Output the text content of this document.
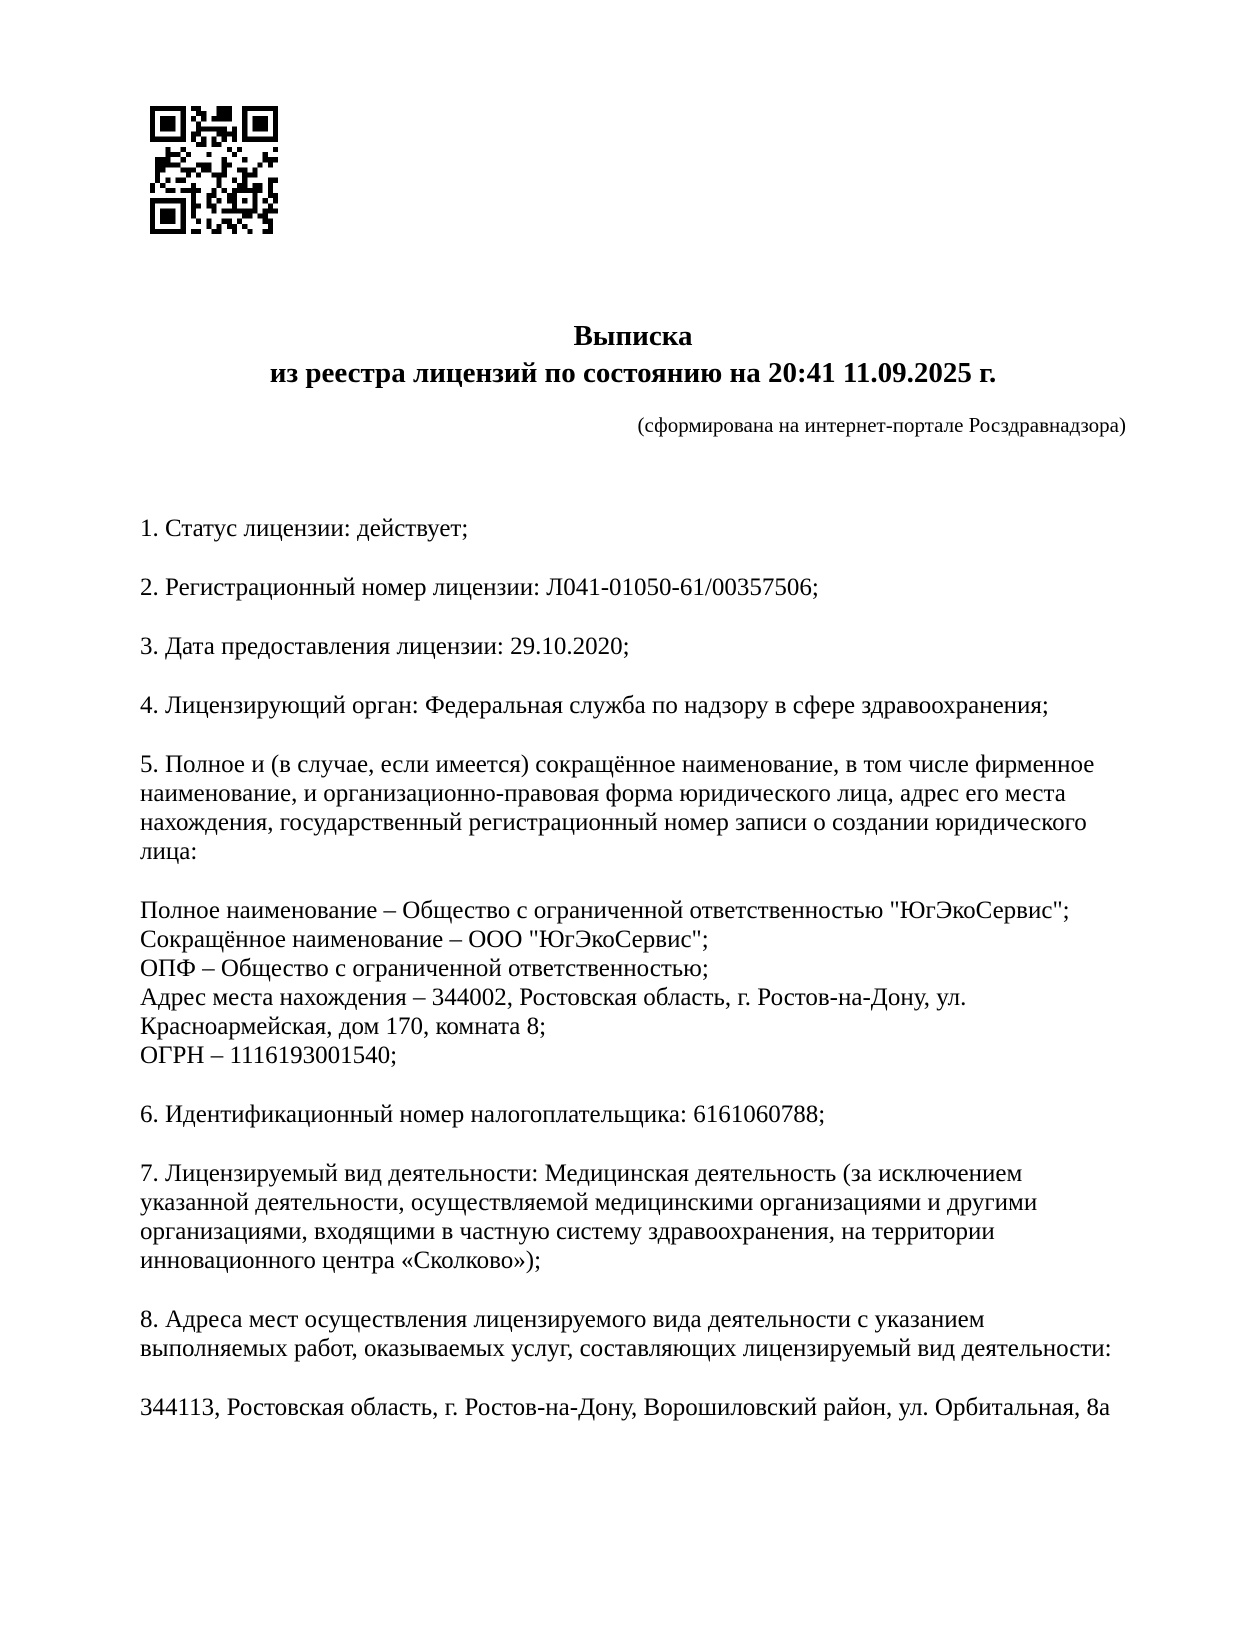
Выписка
из реестра лицензий по состоянию на 20:41 11.09.2025 г.
(сформирована на интернет-портале Росздравнадзора)

1. Статус лицензии: действует;

2. Регистрационный номер лицензии: Л041-01050-61/00357506;

3. Дата предоставления лицензии: 29.10.2020;

4. Лицензирующий орган: Федеральная служба по надзору в сфере здравоохранения;

5. Полное и (в случае, если имеется) сокращённое наименование, в том числе фирменное наименование, и организационно-правовая форма юридического лица, адрес его места нахождения, государственный регистрационный номер записи о создании юридического лица:

Полное наименование – Общество с ограниченной ответственностью "ЮгЭкоСервис";
Сокращённое наименование – ООО "ЮгЭкоСервис";
ОПФ – Общество с ограниченной ответственностью;
Адрес места нахождения – 344002, Ростовская область, г. Ростов-на-Дону, ул. Красноармейская, дом 170, комната 8;
ОГРН – 1116193001540;

6. Идентификационный номер налогоплательщика: 6161060788;

7. Лицензируемый вид деятельности: Медицинская деятельность (за исключением указанной деятельности, осуществляемой медицинскими организациями и другими организациями, входящими в частную систему здравоохранения, на территории инновационного центра «Сколково»);

8. Адреса мест осуществления лицензируемого вида деятельности с указанием выполняемых работ, оказываемых услуг, составляющих лицензируемый вид деятельности:

344113, Ростовская область, г. Ростов-на-Дону, Ворошиловский район, ул. Орбитальная, 8а
